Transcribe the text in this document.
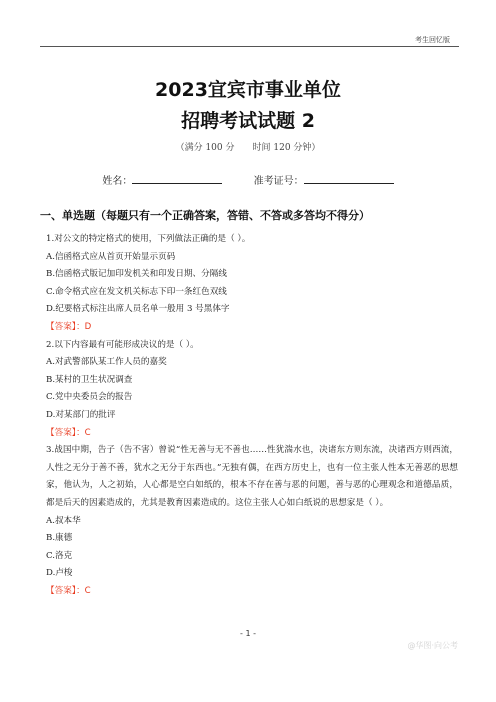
考生回忆版
2023宜宾市事业单位
招聘考试试题 2
（满分 100 分 时间 120 分钟）
姓名：	准考证号：
一、单选题（每题只有一个正确答案，答错、不答或多答均不得分）

1.对公文的特定格式的使用，下列做法正确的是（ ）。

A.信函格式应从首页开始显示页码

B.信函格式版记加印发机关和印发日期、分隔线

C.命令格式应在发文机关标志下印一条红色双线

D.纪要格式标注出席人员名单一般用 3 号黑体字

【答案】：D

2.以下内容最有可能形成决议的是（ ）。

A.对武警部队某工作人员的嘉奖

B.某村的卫生状况调查

C.党中央委员会的报告

D.对某部门的批评

【答案】：C

3.战国中期，告子（告不害）曾说“性无善与无不善也……性犹湍水也，决诸东方则东流，决诸西方则西流，人性之无分于善不善，犹水之无分于东西也。”无独有偶，在西方历史上，也有一位主张人性本无善恶的思想家，他认为，人之初始，人心都是空白如纸的，根本不存在善与恶的问题，善与恶的心理观念和道德品质，都是后天的因素造成的，尤其是教育因素造成的。这位主张人心如白纸说的思想家是（ ）。

A.叔本华

B.康德

C.洛克

D.卢梭

【答案】：C

- 1 -
@华图·向公考
